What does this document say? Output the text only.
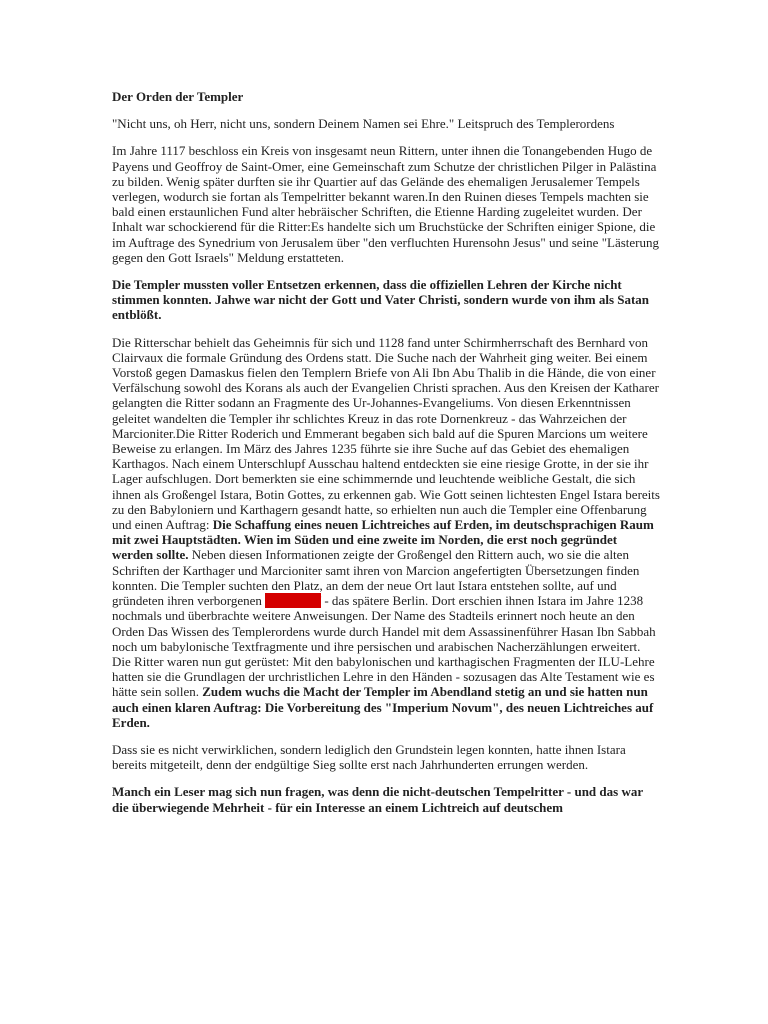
Der Orden der Templer

"Nicht uns, oh Herr, nicht uns, sondern Deinem Namen sei Ehre." Leitspruch des Templerordens

Im Jahre 1117 beschloss ein Kreis von insgesamt neun Rittern, unter ihnen die Tonangebenden Hugo de Payens und Geoffroy de Saint-Omer, eine Gemeinschaft zum Schutze der christlichen Pilger in Palästina zu bilden. Wenig später durften sie ihr Quartier auf das Gelände des ehemaligen Jerusalemer Tempels verlegen, wodurch sie fortan als Tempelritter bekannt waren.In den Ruinen dieses Tempels machten sie bald einen erstaunlichen Fund alter hebräischer Schriften, die Etienne Harding zugeleitet wurden. Der Inhalt war schockierend für die Ritter:Es handelte sich um Bruchstücke der Schriften einiger Spione, die im Auftrage des Synedrium von Jerusalem über "den verfluchten Hurensohn Jesus" und seine "Lästerung gegen den Gott Israels" Meldung erstatteten.

Die Templer mussten voller Entsetzen erkennen, dass die offiziellen Lehren der Kirche nicht stimmen konnten. Jahwe war nicht der Gott und Vater Christi, sondern wurde von ihm als Satan entblößt.

Die Ritterschar behielt das Geheimnis für sich und 1128 fand unter Schirmherrschaft des Bernhard von Clairvaux die formale Gründung des Ordens statt. Die Suche nach der Wahrheit ging weiter. Bei einem Vorstoß gegen Damaskus fielen den Templern Briefe von Ali Ibn Abu Thalib in die Hände, die von einer Verfälschung sowohl des Korans als auch der Evangelien Christi sprachen. Aus den Kreisen der Katharer gelangten die Ritter sodann an Fragmente des Ur-Johannes-Evangeliums. Von diesen Erkenntnissen geleitet wandelten die Templer ihr schlichtes Kreuz in das rote Dornenkreuz - das Wahrzeichen der Marcioniter.Die Ritter Roderich und Emmerant begaben sich bald auf die Spuren Marcions um weitere Beweise zu erlangen. Im März des Jahres 1235 führte sie ihre Suche auf das Gebiet des ehemaligen Karthagos. Nach einem Unterschlupf Ausschau haltend entdeckten sie eine riesige Grotte, in der sie ihr Lager aufschlugen. Dort bemerkten sie eine schimmernde und leuchtende weibliche Gestalt, die sich ihnen als Großengel Istara, Botin Gottes, zu erkennen gab. Wie Gott seinen lichtesten Engel Istara bereits zu den Babyloniern und Karthagern gesandt hatte, so erhielten nun auch die Templer eine Offenbarung und einen Auftrag: Die Schaffung eines neuen Lichtreiches auf Erden, im deutschsprachigen Raum mit zwei Hauptstädten. Wien im Süden und eine zweite im Norden, die erst noch gegründet werden sollte. Neben diesen Informationen zeigte der Großengel den Rittern auch, wo sie die alten Schriften der Karthager und Marcioniter samt ihren von Marcion angefertigten Übersetzungen finden konnten. Die Templer suchten den Platz, an dem der neue Ort laut Istara entstehen sollte, auf und gründeten ihren verborgenen Tempelhof - das spätere Berlin. Dort erschien ihnen Istara im Jahre 1238 nochmals und überbrachte weitere Anweisungen. Der Name des Stadteils erinnert noch heute an den Orden Das Wissen des Templerordens wurde durch Handel mit dem Assassinenführer Hasan Ibn Sabbah noch um babylonische Textfragmente und ihre persischen und arabischen Nacherzählungen erweitert. Die Ritter waren nun gut gerüstet: Mit den babylonischen und karthagischen Fragmenten der ILU-Lehre hatten sie die Grundlagen der urchristlichen Lehre in den Händen - sozusagen das Alte Testament wie es hätte sein sollen. Zudem wuchs die Macht der Templer im Abendland stetig an und sie hatten nun auch einen klaren Auftrag: Die Vorbereitung des "Imperium Novum", des neuen Lichtreiches auf Erden.

Dass sie es nicht verwirklichen, sondern lediglich den Grundstein legen konnten, hatte ihnen Istara bereits mitgeteilt, denn der endgültige Sieg sollte erst nach Jahrhunderten errungen werden.

Manch ein Leser mag sich nun fragen, was denn die nicht-deutschen Tempelritter - und das war die überwiegende Mehrheit - für ein Interesse an einem Lichtreich auf deutschem
